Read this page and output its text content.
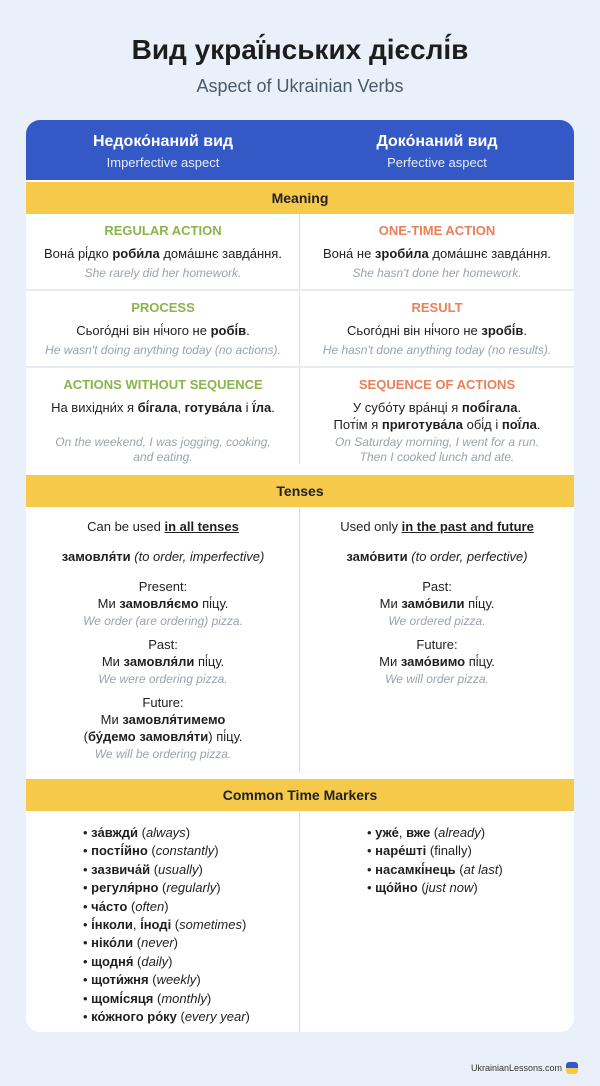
Вид украї́нських дієслі́в
Aspect of Ukrainian Verbs
Недоко́наний вид
Imperfective aspect
Доко́наний вид
Perfective aspect
Meaning
REGULAR ACTION
Вона́ рі́дко роби́ла дома́шнє завда́ння.
She rarely did her homework.
ONE-TIME ACTION
Вона́ не зроби́ла дома́шнє завда́ння.
She hasn't done her homework.
PROCESS
Сього́дні він ні́чого не робі́в.
He wasn't doing anything today (no actions).
RESULT
Сього́дні він ні́чого не зробі́в.
He hasn't done anything today (no results).
ACTIONS WITHOUT SEQUENCE
На вихідни́х я бі́гала, готува́ла і ї́ла.
On the weekend, I was jogging, cooking,
and eating.
SEQUENCE OF ACTIONS
У субо́ту вра́нці я побі́гала.
Пот́ім я приготува́ла обі́д і пої́ла.
On Saturday morning, I went for a run.
Then I cooked lunch and ate.
Tenses
Can be used in all tenses
замовля́ти (to order, imperfective)
Present:
Ми замовля́ємо пі́цу.
We order (are ordering) pizza.
Past:
Ми замовля́ли пі́цу.
We were ordering pizza.
Future:
Ми замовля́тимемо
(бу́демо замовля́ти) пі́цу.
We will be ordering pizza.
Used only in the past and future
замо́вити (to order, perfective)
Past:
Ми замо́вили пі́цу.
We ordered pizza.
Future:
Ми замо́вимо пі́цу.
We will order pizza.
Common Time Markers
• за́вжди́ (always)
• пості́йно (constantly)
• зазвича́й (usually)
• регуля́рно (regularly)
• ча́сто (often)
• і́нколи, і́ноді (sometimes)
• ніко́ли (never)
• щодня́ (daily)
• щоти́жня (weekly)
• щомі́сяця (monthly)
• ко́жного ро́ку (every year)
• уже́, вже (already)
• наре́шті (finally)
• насамкі́нець (at last)
• що́йно (just now)
UkrainianLessons.com
